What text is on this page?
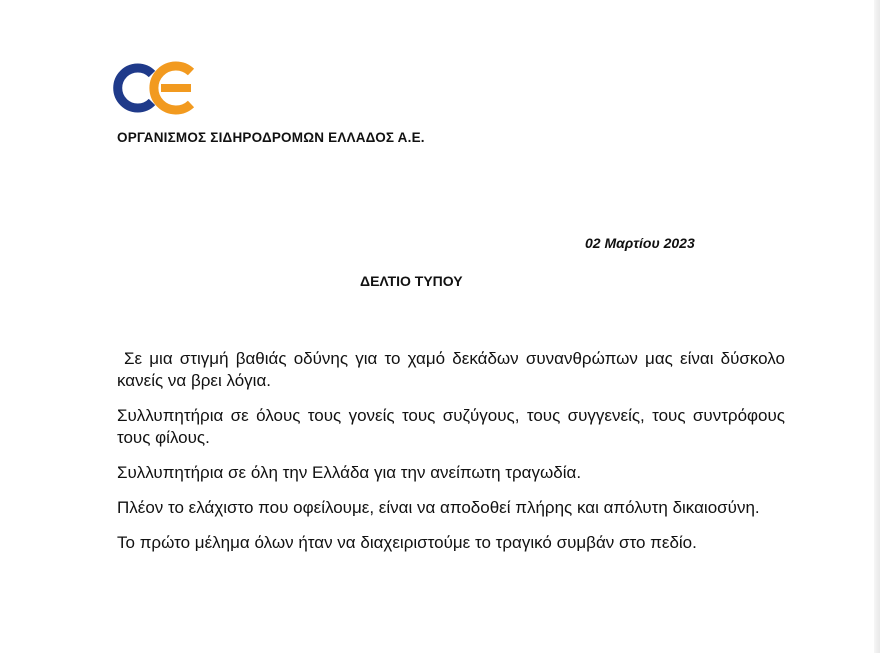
ΟΡΓΑΝΙΣΜΟΣ ΣΙΔΗΡΟΔΡΟΜΩΝ ΕΛΛΑΔΟΣ Α.Ε.
02 Μαρτίου 2023
ΔΕΛΤΙΟ ΤΥΠΟΥ

Σε μια στιγμή βαθιάς οδύνης για το χαμό δεκάδων συνανθρώπων μας είναι δύσκολο κανείς να βρει λόγια.

Συλλυπητήρια σε όλους τους γονείς τους συζύγους, τους συγγενείς, τους συντρόφους τους φίλους.

Συλλυπητήρια σε όλη την Ελλάδα για την ανείπωτη τραγωδία.

Πλέον το ελάχιστο που οφείλουμε, είναι να αποδοθεί πλήρης και απόλυτη δικαιοσύνη.

Το πρώτο μέλημα όλων ήταν να διαχειριστούμε το τραγικό συμβάν στο πεδίο.
